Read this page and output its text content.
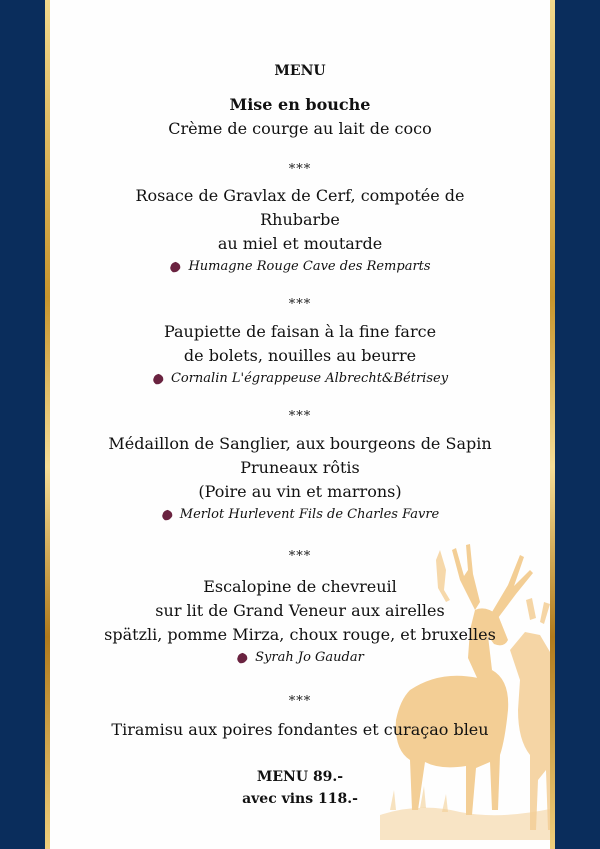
MENU
Mise en bouche
Crème de courge au lait de coco
***
Rosace de Gravlax de Cerf, compotée de
Rhubarbe
au miel et moutarde
Humagne Rouge Cave des Remparts
***
Paupiette de faisan à la fine farce
de bolets, nouilles au beurre
Cornalin L'égrappeuse Albrecht&Bétrisey
***
Médaillon de Sanglier, aux bourgeons de Sapin
Pruneaux rôtis
(Poire au vin et marrons)
Merlot Hurlevent Fils de Charles Favre
***
Escalopine de chevreuil
sur lit de Grand Veneur aux airelles
spätzli, pomme Mirza, choux rouge, et bruxelles
Syrah Jo Gaudar
***
Tiramisu aux poires fondantes et curaçao bleu
MENU 89.-
avec vins 118.-
